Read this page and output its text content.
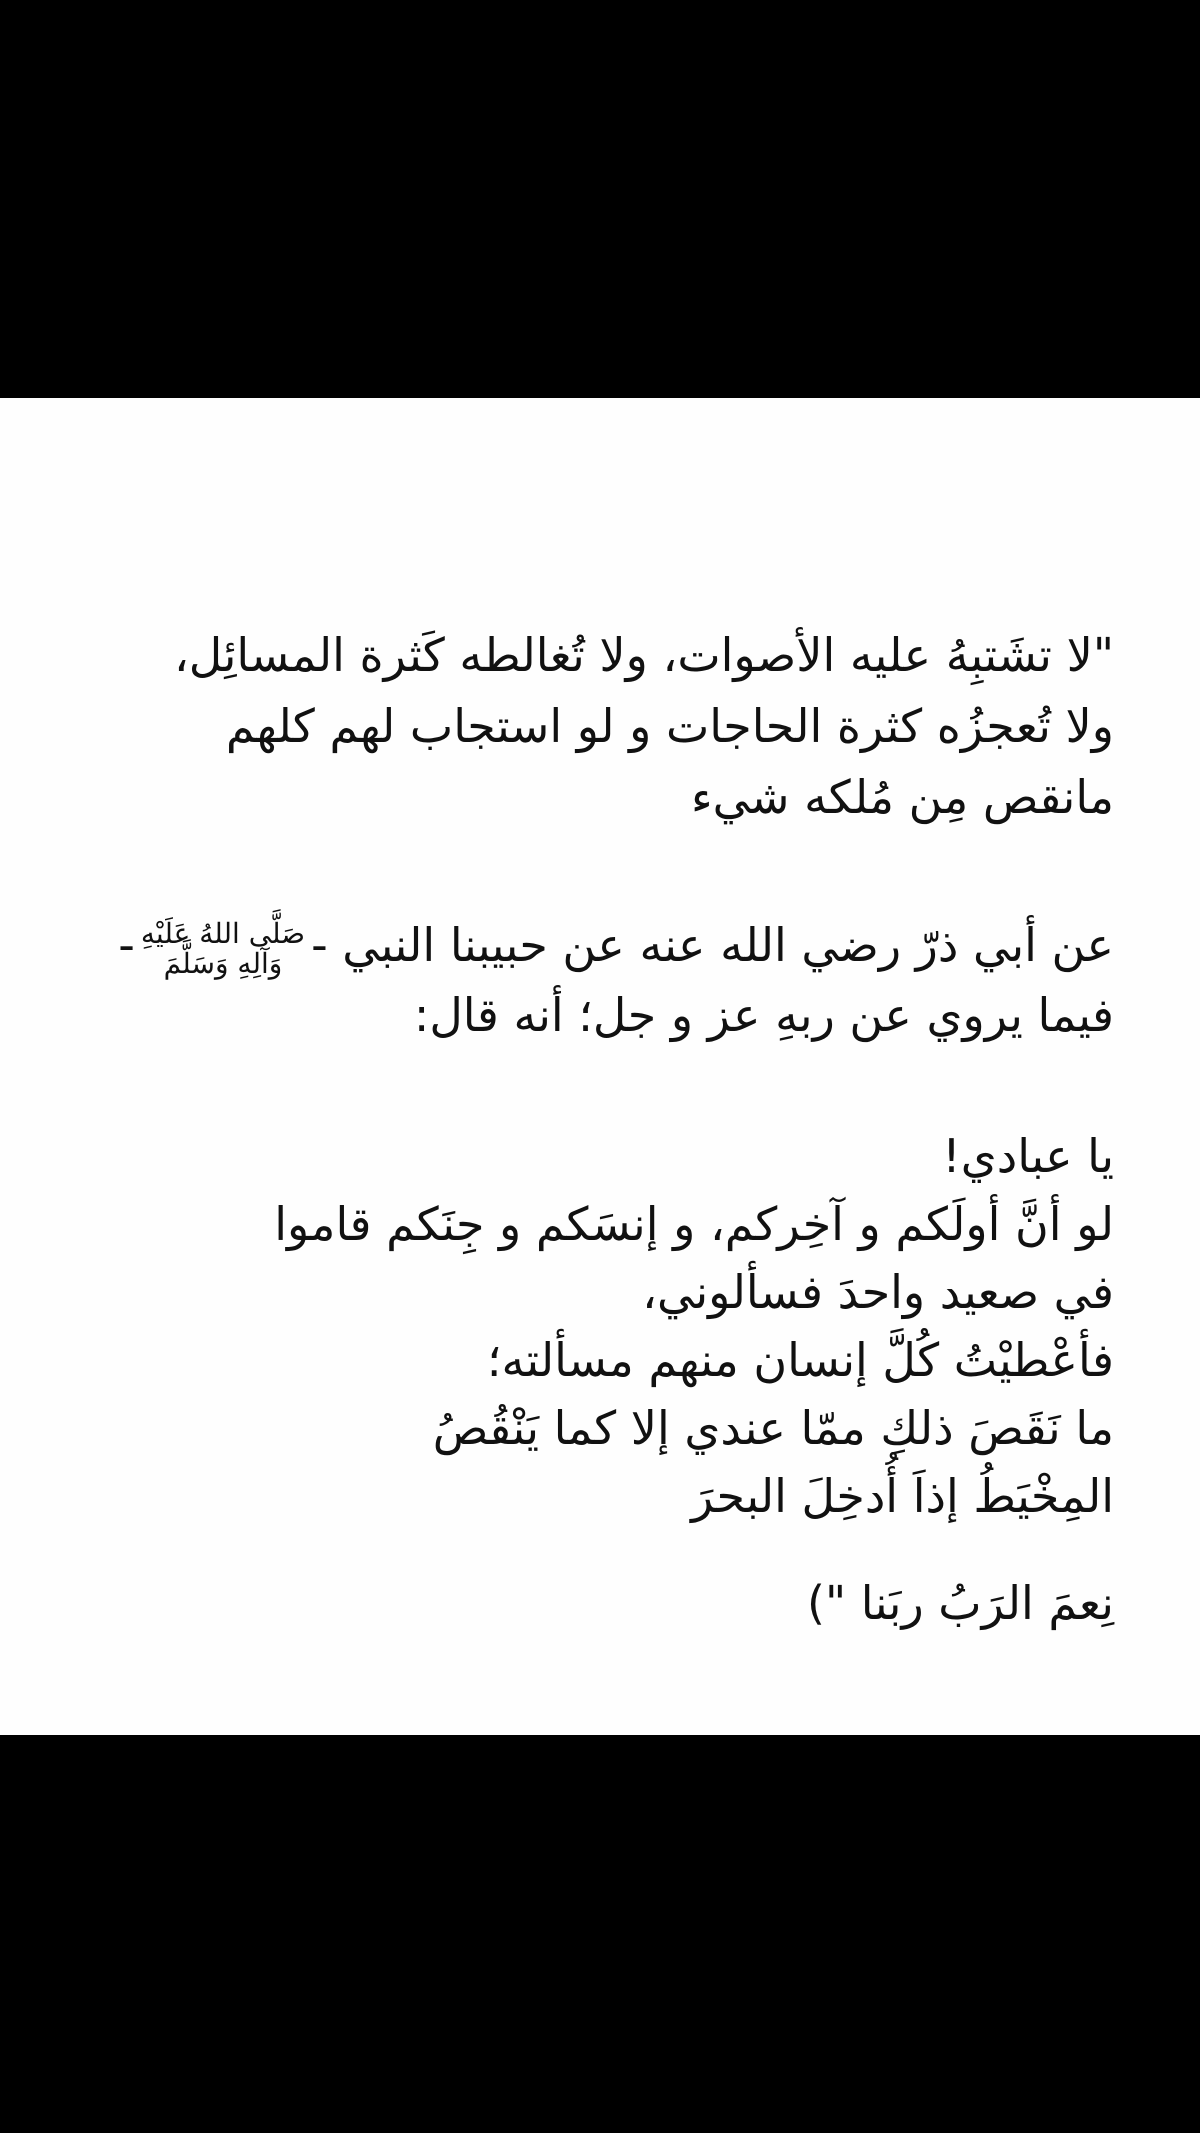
"لا تشَتبِهُ عليه الأصوات، ولا تُغالطه كَثرة المسائِل،
ولا تُعجزُه كثرة الحاجات و لو استجاب لهم كلهم
مانقص مِن مُلكه شيء
عن أبي ذرّ رضي الله عنه عن حبيبنا النبي -
صَلَّى اللهُ عَلَيْهِ
وَآلِهِ وَسَلَّمَ
-
فيما يروي عن ربهِ عز و جل؛ أنه قال:
يا عبادي!
لو أنَّ أولَكم و آخِركم، و إنسَكم و جِنَكم قاموا
في صعيد واحدَ فسألوني،
فأعْطيْتُ كُلَّ إنسان منهم مسألته؛
ما نَقَصَ ذلكِ ممّا عندي إلا كما يَنْقُصُ
المِخْيَطُ إذاَ أُدخِلَ البحرَ
نِعمَ الرَبُ ربَنا ")
